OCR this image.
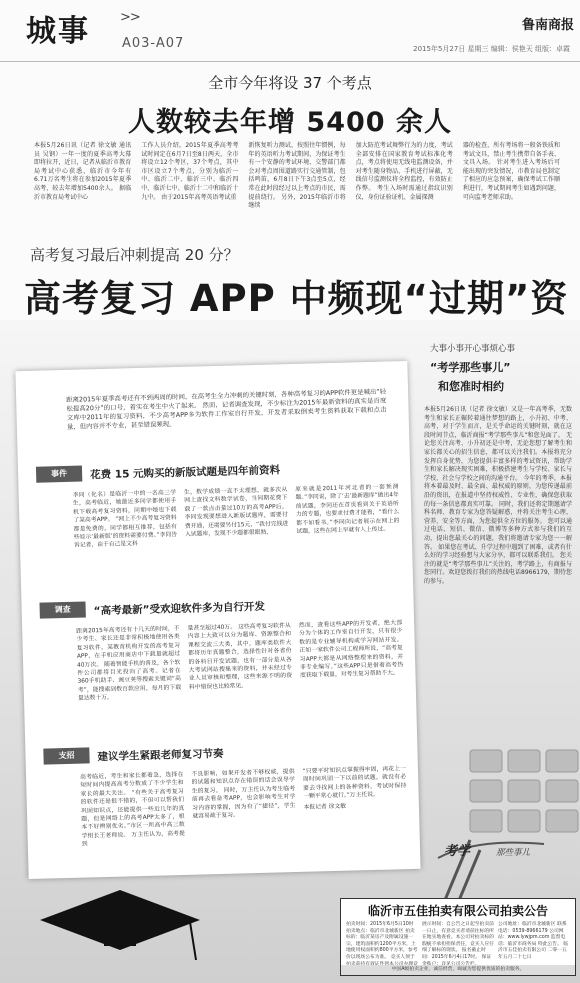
城事 >>
A03-A07
鲁南商报
2015年5月27日 星期三 编辑：侯艳天 组版：卓霞
全市今年将设 37 个考点
人数较去年增 5400 余人
本报5月26日讯（记者 徐文敏 通讯员 吴钢）一年一度的夏季高考大幕即将拉开，近日，记者从临沂市教育局考试中心获悉，临沂市今年有6.71万名考生将在参加2015年夏季高考，较去年增加5400余人。 据临沂市教育局考试中心
工作人员介绍，2015年夏季高考考试时间定在6月7日至8日两天，全市将设立12个考区，37个考点，其中市区设立7个考点，分别为临沂一中、临沂二中、临沂三中、临沂四中、临沂七中、临沂十二中和临沂十九中。 由于2015年高考英语考试重
新恢复听力测试，按照往年惯例，每年的英语听力考试期间，为保证考生有一个安静的考试环境，交警部门都会对考点周围道路实行交通管制，包括鸣笛，6月8日下午3点至5点，经常在此时段经过以上考点的市民，需提前绕行。 另外，2015年临沂市将继续
加大防范考试舞弊行为的力度，考试全部安排在国家教育考试标准化考点，考点将使用无线电监测设备，并对考生随身物品、手机进行屏蔽，无线信号监测仪将全程监控，有效防止作弊。 考生入场时需通过指纹识别仪，身份证验证机、金属探测
器的检查，所有考场将一般备铁质和考试文具，禁止考生携带自备手表、文具入场。 针对考生进入考场后可能出现的突发情况，市教育局也制定了相应的应急预案，确保考试工作顺利进行，考试期间考生如遇到问题，可向监考老师求助。
高考复习最后冲刺提高 20 分？
高考复习 APP 中频现“过期”资
距离2015年夏季高考还有不到两周的时间，在高考生全力冲刺的关键时刻，各种高考复习的APP软件更是喊出“轻松提高20分”的口号，着实在考生中火了起来。 然而，记者调查发现，不少标注为2015年最新资料的真实是百度文库中2011年的复习资料，不少高考APP多为软件工作室自行开发，开发者采取倒卖考生资料获取下载和点击量，但内容并不专业，甚至错误频现。
事件	花费 15 元购买的新版试题是四年前资料
李同（化名）是临沂一中的一名高三学生，高考临近，她最近多同学都使用手机下载高考复习资料，同期中她也下载了某高考APP。 “网上不少高考复习资料都是免费的，同学都相互推荐，包括有些显示‘最新版’的资料需要付费。”李同告诉记者，由于自己是文科
生，数学成绩一直不太理想，就多次从网上查找文科数学试卷，当同期花费下载了一款点击量过10万的高考APP后，李同发现要想进入新版试题库，需要付费开通，还需要另付15元，“我付完钱进入试题库，发现不少题都很眼熟，
原来就是2011年河北省的一套预测题。”李同说，除了‘去’最新题库”做出4年前试题，李同还在首页看到关于英语听力的专题，也要求付费才能看，“看什么都不如看书。”李同向记者展示在网上的试题，这些在网上早就有人上传过。
调查	“高考最新”受欢迎软件多为自行开发
距离2015年高考还有十几天的时间，不少考生、家长还是非常积极地使用各类复习软件，某教育机构开发的高考复习APP，在手机应用商店中下载量就超过40万次。 随着智能手机的普及，各个软件公司都将目光投向了高考。记者在360手机助手、豌豆荚等搜索关键词“高考”，能搜索到数百款应用，每月的下载量达数十万。
量甚至超过40万。 这些高考复习软件从内容上大致可以分为题库、资源整合和课程交流三大类，其中，题库类软件大都将历年真题整合，选择性针对各省份的各科目开发试题，也有一部分是从各大考试网站搜集来的资料，并未经过专业人员审核和整理，这些来源不明的资料中错误也比较常见。
然而，查看这些APP的开发者，绝大部分为个体的工作室自行开发，只有很少数的是专业辅导机构或学习网站开发。正如一家软件公司工程师所说，“高考复习APP大都是从网络整理来的资料，并非专业编写。”这些APP只是借着高考热度获取下载量，对考生复习帮助不大。
支招	建议学生紧跟老师复习节奏
高考临近，考生和家长都着急，选择在短时间内提高高考分数成了不少学生和家长的最大关注。 “有些关于高考复习的软件还是很不错的，不但可以帮我们巩固知识点，还能提供一些近几年的真题，但是网络上的高考APP太多了，根本不好辨别优劣。”市区一所高中高三数学组长王老师说。 万主任认为，高考提到
不良影响，如果开发者不够权威，提供的试题和知识点存在错误的话会误导学生的复习。 同时，万主任认为考生临考前再去看备考APP，也会影响考生对学习内容的掌握，因为有了“捷径”，学生就容易疏于复习。
“只要平时知识点掌握得牢固，再花上一周时间巩固一下以前的试题，就没有必要去寻找网上的各种资料，考试时保持一颗平常心就行。”万主任说。
本报记者 徐文敏
大事小事开心事烦心事
“考学那些事儿”
和您准时相约
本报5月26日讯（记者 徐文敏）又是一年高考季，无数考生和家长正辗转着通往梦想的路上，小升初、中考、高考，对于学生而言，是关乎命运的关键时刻，就在这段时间节点，临沂商报“考学那些事儿”和您见面了。 无论您关注高考、小升初还是中考，无论您想了解考生和家长都关心的招生信息，都可以关注我们。本报将充分发挥自身优势，为您提供丰富多样的考试资讯，帮助学生和家长解决现实困难，积极搭建考生与学校、家长与学校、社会与学校之间的沟通平台。 今年的考季，本报将本着最及时、最全面、最权威的原则，为您传递最前沿的资讯，在报道中坚持权威性、专业性，确保您获取的每一条信息都真实可靠。 同时，我们还将定期邀请学科名师、教育专家为您答疑解惑，并将关注考生心理、营养、安全等方面，为您提供全方位的服务。 您可以通过电话、短信、微信、微博等多种方式参与我们的互动，提出您最关心的问题，我们将邀请专家为您一一解答。 如果您在考试、升学过程中遇到了困难，或者有什么好的学习经验想与大家分享，都可以联系我们。 您关注的就是“考学那些事儿”关注的，考学路上，有商报与您同行。欢迎您拨打我们的热线电话8966179，期待您的参与。
考学	那些事儿
临沂市五佳拍卖有限公司拍卖公告
拍卖时间：2015年6月5日10时 拍卖地点：临沂市北城新区 拍卖标的：临沂某房产及附属设施一宗，建筑面积约1200平方米，土地使用权面积约800平方米，参考价以现场公布为准。 竞买人须于
展示时间：自公告之日起至拍卖前一日止，有意竞买者请前往标的所在地实地查看。本公司对拍卖标的瑕疵不承担担保责任，竞买人应仔细了解标的现状。 报名截止时间：2015年6月4日17时。 保证
公司地址：临沂市北城新区 联系电话：0539-8966179 公司网站：www.lywjpm.com 监督电话：临沂市商务局 特此公告。 临沂市五佳拍卖有限公司 二零一五年五月二十七日
中国A级拍卖企业，诚信经营，竭诚为您提供优质的拍卖服务。
